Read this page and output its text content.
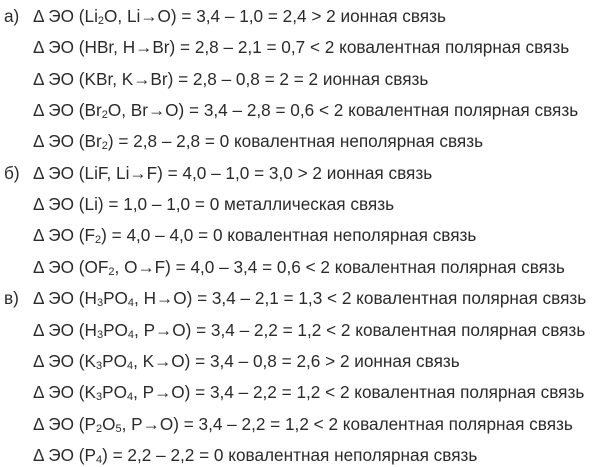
а) Δ ЭО ($Li_2O$, Li→O) = 3,4 – 1,0 = 2,4 > 2 ионная связь
Δ ЭО (HBr, H→Br) = 2,8 – 2,1 = 0,7 < 2 ковалентная полярная связь
Δ ЭО (KBr, K→Br) = 2,8 – 0,8 = 2 = 2 ионная связь
Δ ЭО ($Br_2O$, Br→O) = 3,4 – 2,8 = 0,6 < 2 ковалентная полярная связь
Δ ЭО $(Br_2) = 2,8 - 2,8 = 0$ ковалентная неполярная связь
б) Δ ЭО (LiF, Li→F) = 4,0 – 1,0 = 3,0 > 2 ионная связь
Δ ЭО (Li) = 1,0 – 1,0 = 0 металлическая связь
Δ ЭО $(F_2) = 4,0 - 4,0 = 0$ ковалентная неполярная связь
Δ ЭО ($OF_2$, O→F) = 4,0 – 3,4 = 0,6 < 2 ковалентная полярная связь
в) Δ ЭО ($H_3PO_4$, H→O) = 3,4 – 2,1 = 1,3 < 2 ковалентная полярная связь
Δ ЭО ($H_3PO_4$, P→O) = 3,4 – 2,2 = 1,2 < 2 ковалентная полярная связь
Δ ЭО ($K_3PO_4$, K→O) = 3,4 – 0,8 = 2,6 > 2 ионная связь
Δ ЭО ($K_3PO_4$, P→O) = 3,4 – 2,2 = 1,2 < 2 ковалентная полярная связь
Δ ЭО ($P_2O_5$, P→O) = 3,4 – 2,2 = 1,2 < 2 ковалентная полярная связь
Δ ЭО $(P_4) = 2,2 - 2,2 = 0$ ковалентная неполярная связь
